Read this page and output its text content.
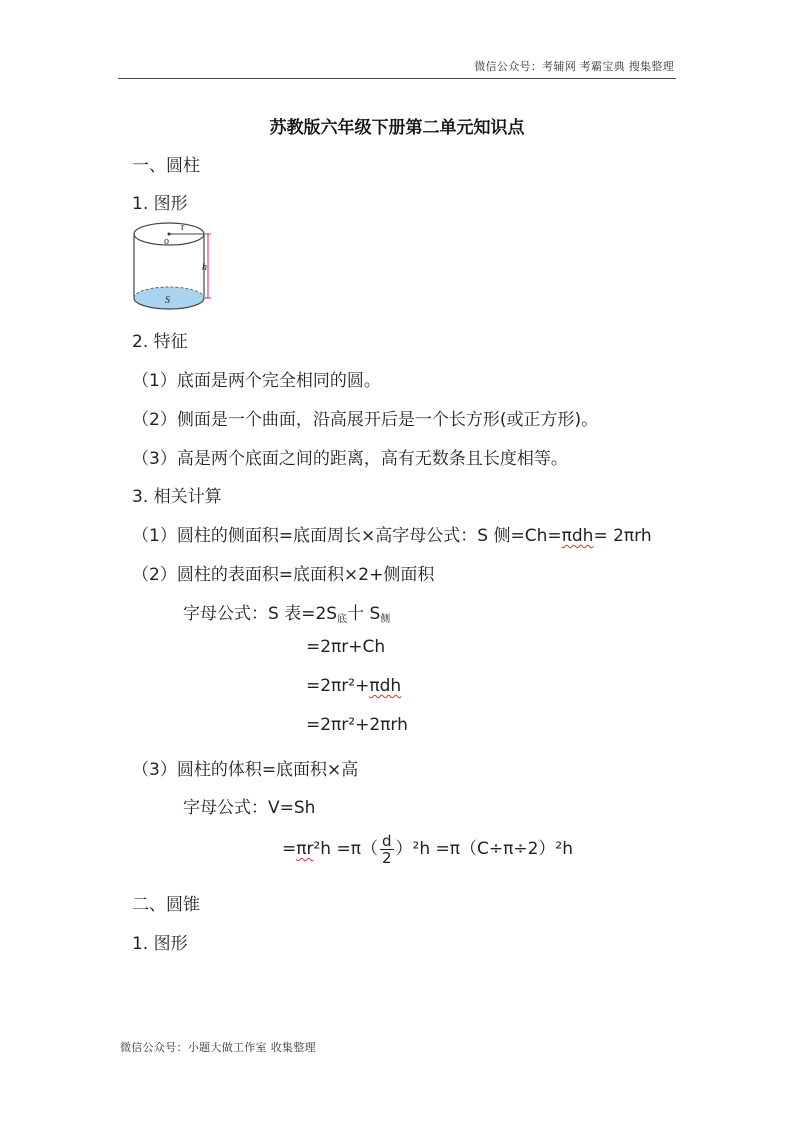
微信公众号：考辅网 考霸宝典 搜集整理
苏教版六年级下册第二单元知识点
一、圆柱
1. 图形
r
o
h
S
2. 特征
（1）底面是两个完全相同的圆。
（2）侧面是一个曲面，沿高展开后是一个长方形(或正方形)。
（3）高是两个底面之间的距离，高有无数条且长度相等。
3. 相关计算
（1）圆柱的侧面积=底面周长×高字母公式：S 侧=Ch=πdh= 2πrh
（2）圆柱的表面积=底面积×2+侧面积
字母公式：S 表=2S底十 S侧
=2πr+Ch
=2πr²+πdh
=2πr²+2πrh
（3）圆柱的体积=底面积×高
字母公式：V=Sh
$=\pi r^2h =\pi( \frac{d}{2} )^2h =\pi(C\div\pi\div 2)^2h$
二、圆锥
1. 图形
微信公众号：小题大做工作室 收集整理
